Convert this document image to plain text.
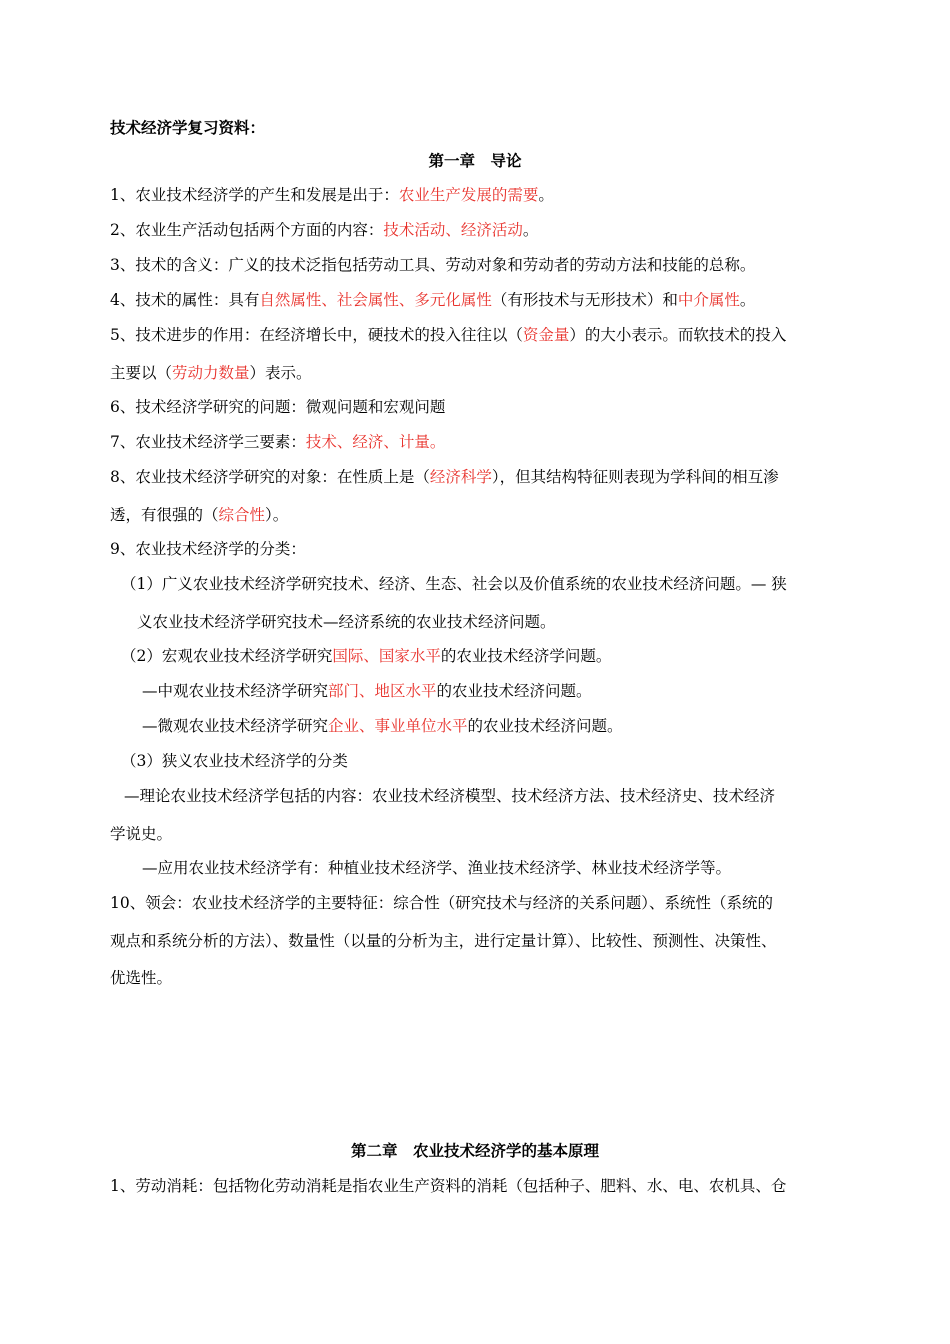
技术经济学复习资料：
第一章　导论
1、农业技术经济学的产生和发展是出于：农业生产发展的需要。
2、农业生产活动包括两个方面的内容：技术活动、经济活动。
3、技术的含义：广义的技术泛指包括劳动工具、劳动对象和劳动者的劳动方法和技能的总称。
4、技术的属性：具有自然属性、社会属性、多元化属性（有形技术与无形技术）和中介属性。
5、技术进步的作用：在经济增长中，硬技术的投入往往以（资金量）的大小表示。而软技术的投入
主要以（劳动力数量）表示。
6、技术经济学研究的问题：微观问题和宏观问题
7、农业技术经济学三要素：技术、经济、计量。
8、农业技术经济学研究的对象：在性质上是（经济科学），但其结构特征则表现为学科间的相互渗
透，有很强的（综合性）。
9、农业技术经济学的分类：
（1）广义农业技术经济学研究技术、经济、生态、社会以及价值系统的农业技术经济问题。— 狭
义农业技术经济学研究技术—经济系统的农业技术经济问题。
（2）宏观农业技术经济学研究国际、国家水平的农业技术经济学问题。
—中观农业技术经济学研究部门、地区水平的农业技术经济问题。
—微观农业技术经济学研究企业、事业单位水平的农业技术经济问题。
（3）狭义农业技术经济学的分类
—理论农业技术经济学包括的内容：农业技术经济模型、技术经济方法、技术经济史、技术经济
学说史。
—应用农业技术经济学有：种植业技术经济学、渔业技术经济学、林业技术经济学等。
10、领会：农业技术经济学的主要特征：综合性（研究技术与经济的关系问题）、系统性（系统的
观点和系统分析的方法）、数量性（以量的分析为主，进行定量计算）、比较性、预测性、决策性、
优选性。
第二章　农业技术经济学的基本原理
1、劳动消耗：包括物化劳动消耗是指农业生产资料的消耗（包括种子、肥料、水、电、农机具、仓
